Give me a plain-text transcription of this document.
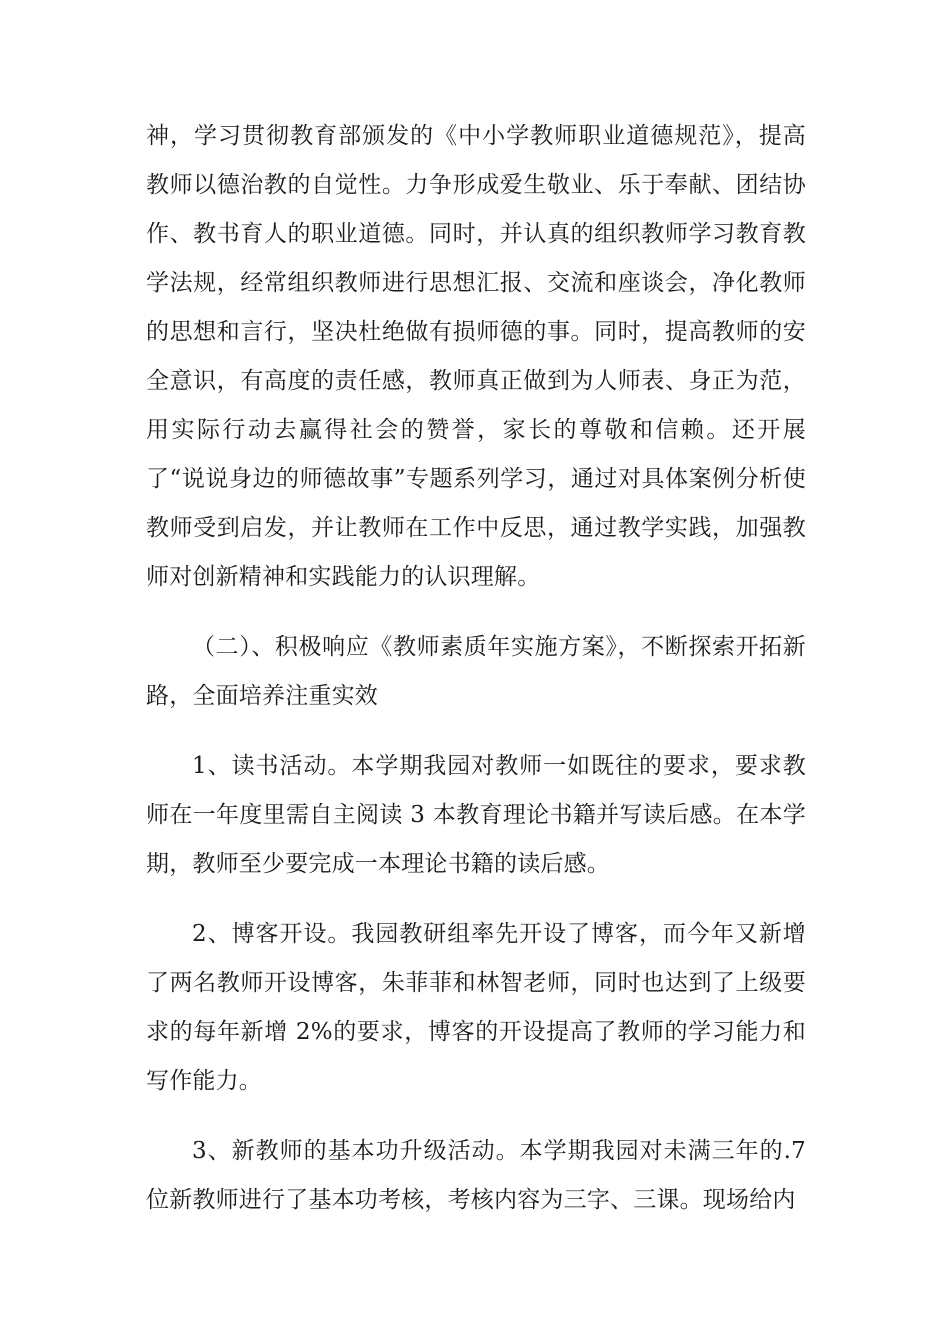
神，学习贯彻教育部颁发的《中小学教师职业道德规范》，提高教师以德治教的自觉性。力争形成爱生敬业、乐于奉献、团结协作、教书育人的职业道德。同时，并认真的组织教师学习教育教学法规，经常组织教师进行思想汇报、交流和座谈会，净化教师的思想和言行，坚决杜绝做有损师德的事。同时，提高教师的安全意识，有高度的责任感，教师真正做到为人师表、身正为范，用实际行动去赢得社会的赞誉，家长的尊敬和信赖。还开展了“说说身边的师德故事”专题系列学习，通过对具体案例分析使教师受到启发，并让教师在工作中反思，通过教学实践，加强教师对创新精神和实践能力的认识理解。

（二）、积极响应《教师素质年实施方案》，不断探索开拓新路，全面培养注重实效

1、读书活动。本学期我园对教师一如既往的要求，要求教师在一年度里需自主阅读 3 本教育理论书籍并写读后感。在本学期，教师至少要完成一本理论书籍的读后感。

2、博客开设。我园教研组率先开设了博客，而今年又新增了两名教师开设博客，朱菲菲和林智老师，同时也达到了上级要求的每年新增 2%的要求，博客的开设提高了教师的学习能力和写作能力。

3、新教师的基本功升级活动。本学期我园对未满三年的.7位新教师进行了基本功考核，考核内容为三字、三课。现场给内
